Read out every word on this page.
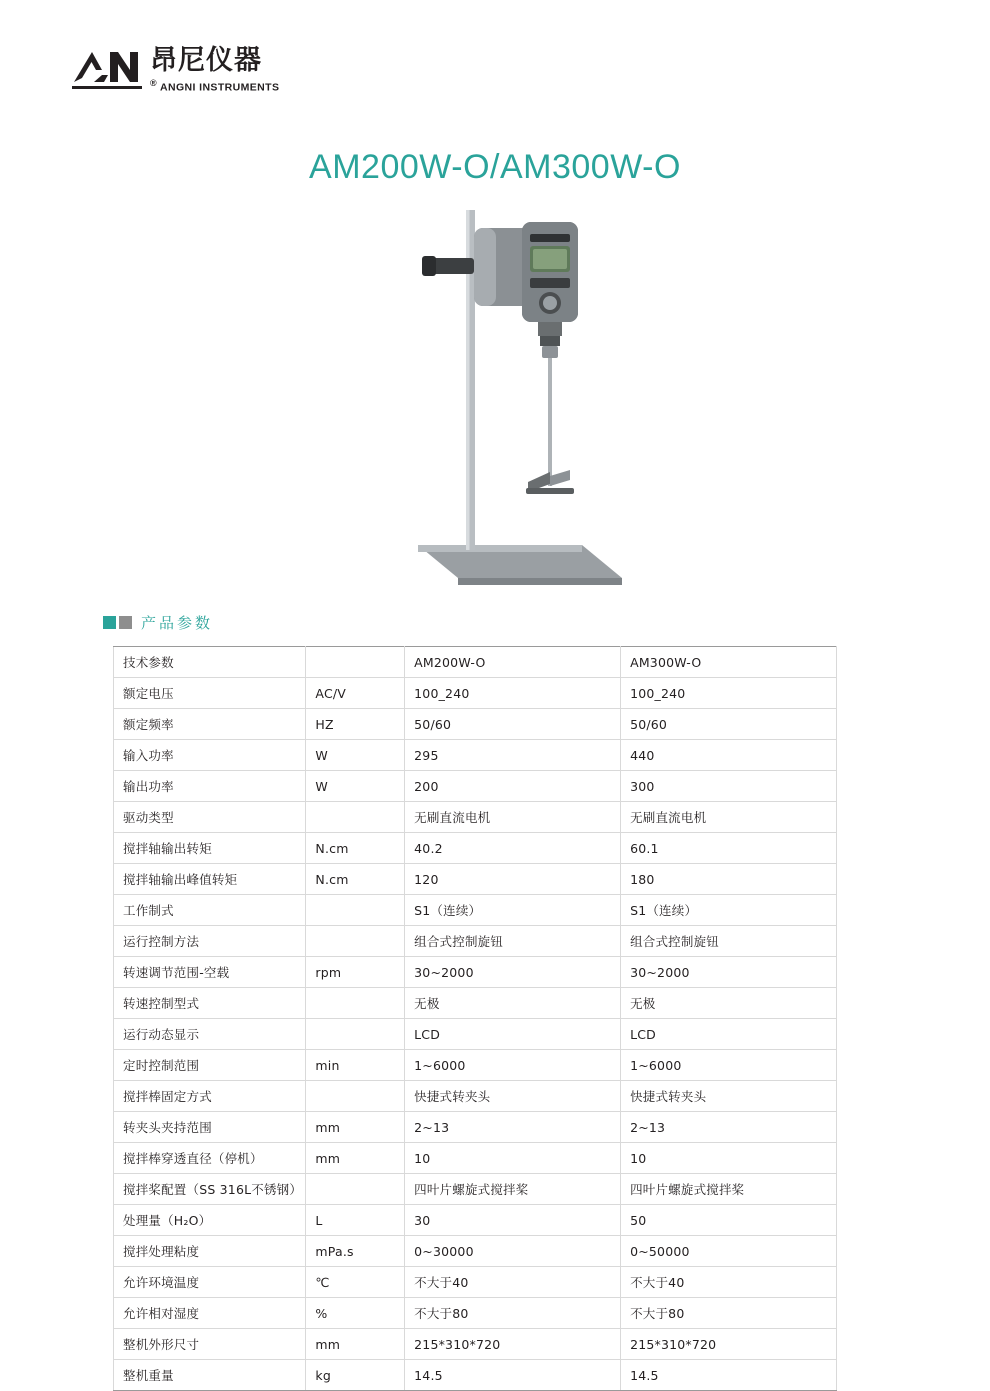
昂尼仪器
® ANGNI INSTRUMENTS
AM200W-O/AM300W-O
产品参数
技术参数		AM200W-O	AM300W-O
额定电压	AC/V	100_240	100_240
额定频率	HZ	50/60	50/60
输入功率	W	295	440
输出功率	W	200	300
驱动类型		无刷直流电机	无刷直流电机
搅拌轴输出转矩	N.cm	40.2	60.1
搅拌轴输出峰值转矩	N.cm	120	180
工作制式		S1（连续）	S1（连续）
运行控制方法		组合式控制旋钮	组合式控制旋钮
转速调节范围-空载	rpm	30~2000	30~2000
转速控制型式		无极	无极
运行动态显示		LCD	LCD
定时控制范围	min	1~6000	1~6000
搅拌棒固定方式		快捷式转夹头	快捷式转夹头
转夹头夹持范围	mm	2~13	2~13
搅拌棒穿透直径（停机）	mm	10	10
搅拌桨配置（SS 316L不锈钢）		四叶片螺旋式搅拌桨	四叶片螺旋式搅拌桨
处理量（H₂O）	L	30	50
搅拌处理粘度	mPa.s	0~30000	0~50000
允许环境温度	℃	不大于40	不大于40
允许相对湿度	%	不大于80	不大于80
整机外形尺寸	mm	215*310*720	215*310*720
整机重量	kg	14.5	14.5
